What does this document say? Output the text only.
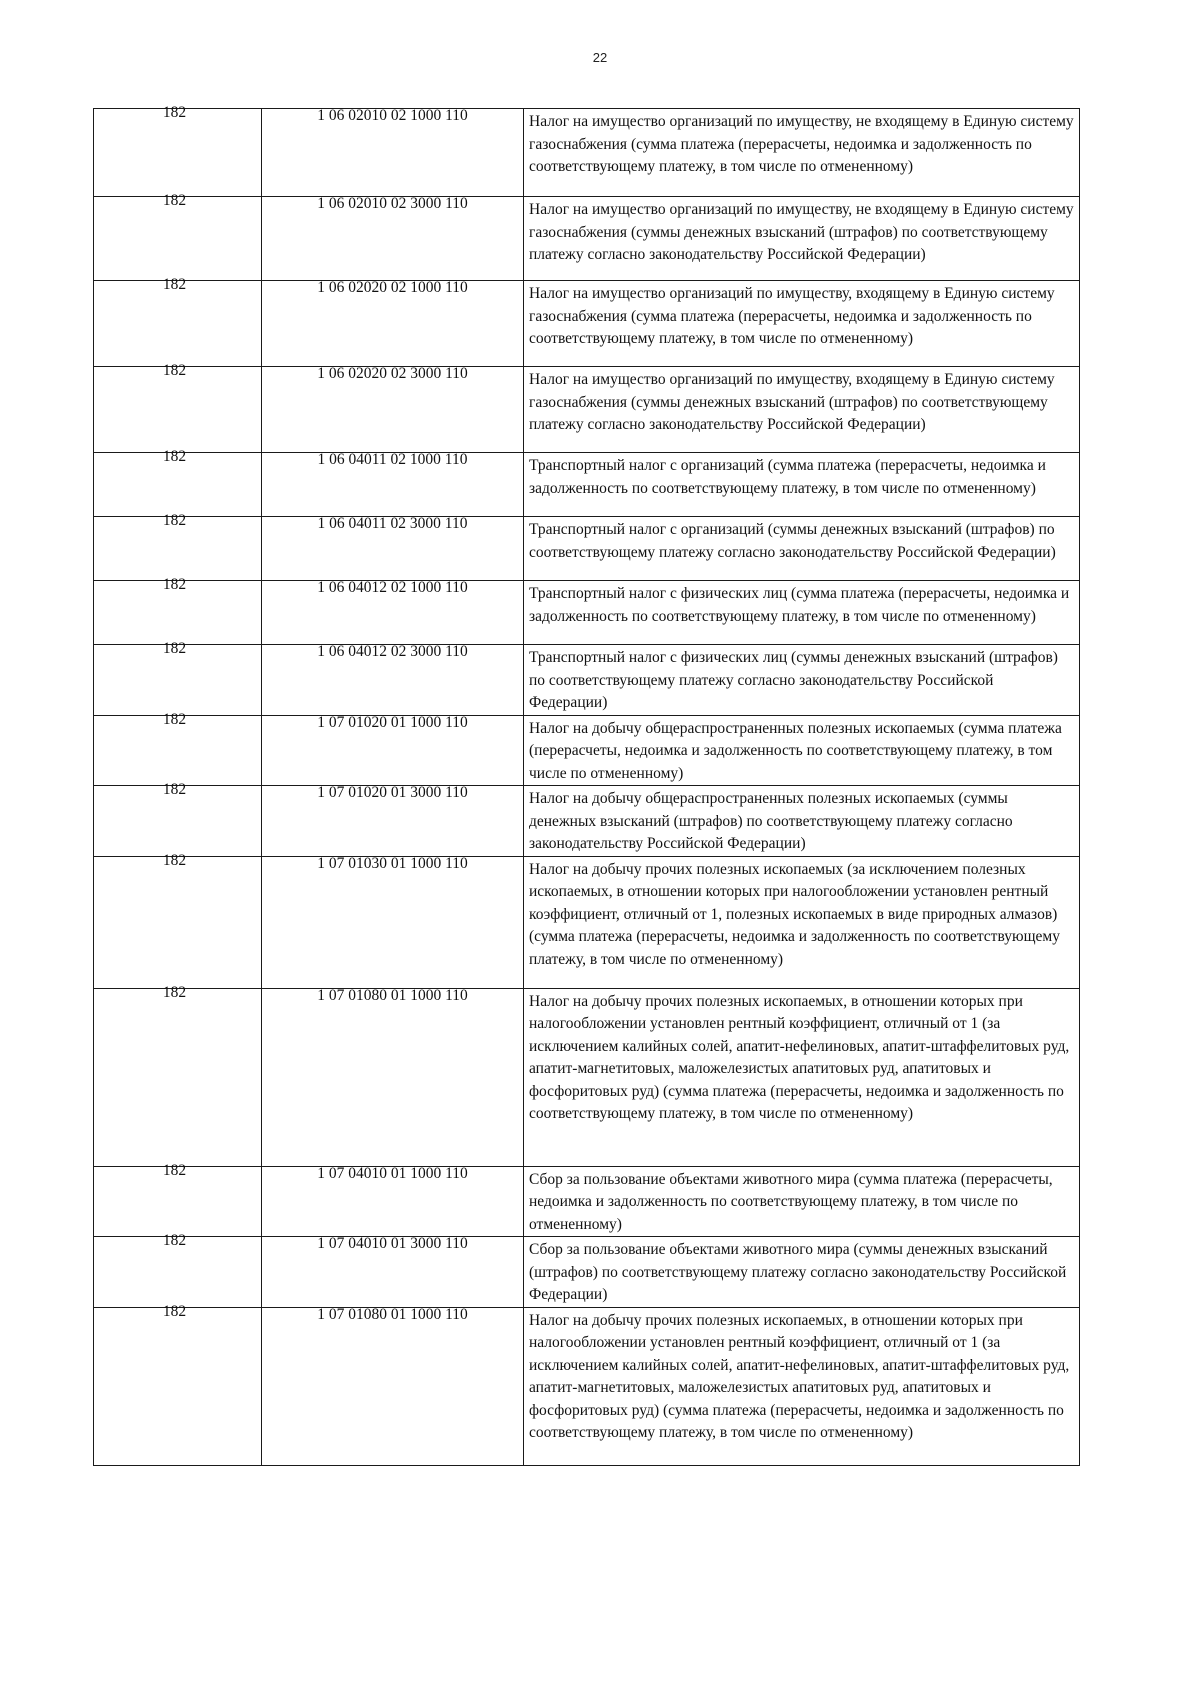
22
182	1 06 02010 02 1000 110	Налог на имущество организаций по имуществу, не входящему в Единую систему газоснабжения (сумма платежа (перерасчеты, недоимка и задолженность по соответствующему платежу, в том числе по отмененному)

182	1 06 02010 02 3000 110	Налог на имущество организаций по имуществу, не входящему в Единую систему газоснабжения (суммы денежных взысканий (штрафов) по соответствующему платежу согласно законодательству Российской Федерации)

182	1 06 02020 02 1000 110	Налог на имущество организаций по имуществу, входящему в Единую систему газоснабжения (сумма платежа (перерасчеты, недоимка и задолженность по соответствующему платежу, в том числе по отмененному)

182	1 06 02020 02 3000 110	Налог на имущество организаций по имуществу, входящему в Единую систему газоснабжения (суммы денежных взысканий (штрафов) по соответствующему платежу согласно законодательству Российской Федерации)

182	1 06 04011 02 1000 110	Транспортный налог с организаций (сумма платежа (перерасчеты, недоимка и задолженность по соответствующему платежу, в том числе по отмененному)

182	1 06 04011 02 3000 110	Транспортный налог с организаций (суммы денежных взысканий (штрафов) по соответствующему платежу согласно законодательству Российской Федерации)

182	1 06 04012 02 1000 110	Транспортный налог с физических лиц (сумма платежа (перерасчеты, недоимка и задолженность по соответствующему платежу, в том числе по отмененному)

182	1 06 04012 02 3000 110	Транспортный налог с физических лиц (суммы денежных взысканий (штрафов) по соответствующему платежу согласно законодательству Российской Федерации)

182	1 07 01020 01 1000 110	Налог на добычу общераспространенных полезных ископаемых (сумма платежа (перерасчеты, недоимка и задолженность по соответствующему платежу, в том числе по отмененному)

182	1 07 01020 01 3000 110	Налог на добычу общераспространенных полезных ископаемых (суммы денежных взысканий (штрафов) по соответствующему платежу согласно законодательству Российской Федерации)

182	1 07 01030 01 1000 110	Налог на добычу прочих полезных ископаемых (за исключением полезных ископаемых, в отношении которых при налогообложении установлен рентный коэффициент, отличный от 1, полезных ископаемых в виде природных алмазов) (сумма платежа (перерасчеты, недоимка и задолженность по соответствующему платежу, в том числе по отмененному)

182	1 07 01080 01 1000 110	Налог на добычу прочих полезных ископаемых, в отношении которых при налогообложении установлен рентный коэффициент, отличный от 1 (за исключением калийных солей, апатит-нефелиновых, апатит-штаффелитовых руд, апатит-магнетитовых, маложелезистых апатитовых руд, апатитовых и фосфоритовых руд) (сумма платежа (перерасчеты, недоимка и задолженность по соответствующему платежу, в том числе по отмененному)

182	1 07 04010 01 1000 110	Сбор за пользование объектами животного мира (сумма платежа (перерасчеты, недоимка и задолженность по соответствующему платежу, в том числе по отмененному)

182	1 07 04010 01 3000 110	Сбор за пользование объектами животного мира (суммы денежных взысканий (штрафов) по соответствующему платежу согласно законодательству Российской Федерации)

182	1 07 01080 01 1000 110	Налог на добычу прочих полезных ископаемых, в отношении которых при налогообложении установлен рентный коэффициент, отличный от 1 (за исключением калийных солей, апатит-нефелиновых, апатит-штаффелитовых руд, апатит-магнетитовых, маложелезистых апатитовых руд, апатитовых и фосфоритовых руд) (сумма платежа (перерасчеты, недоимка и задолженность по соответствующему платежу, в том числе по отмененному)
